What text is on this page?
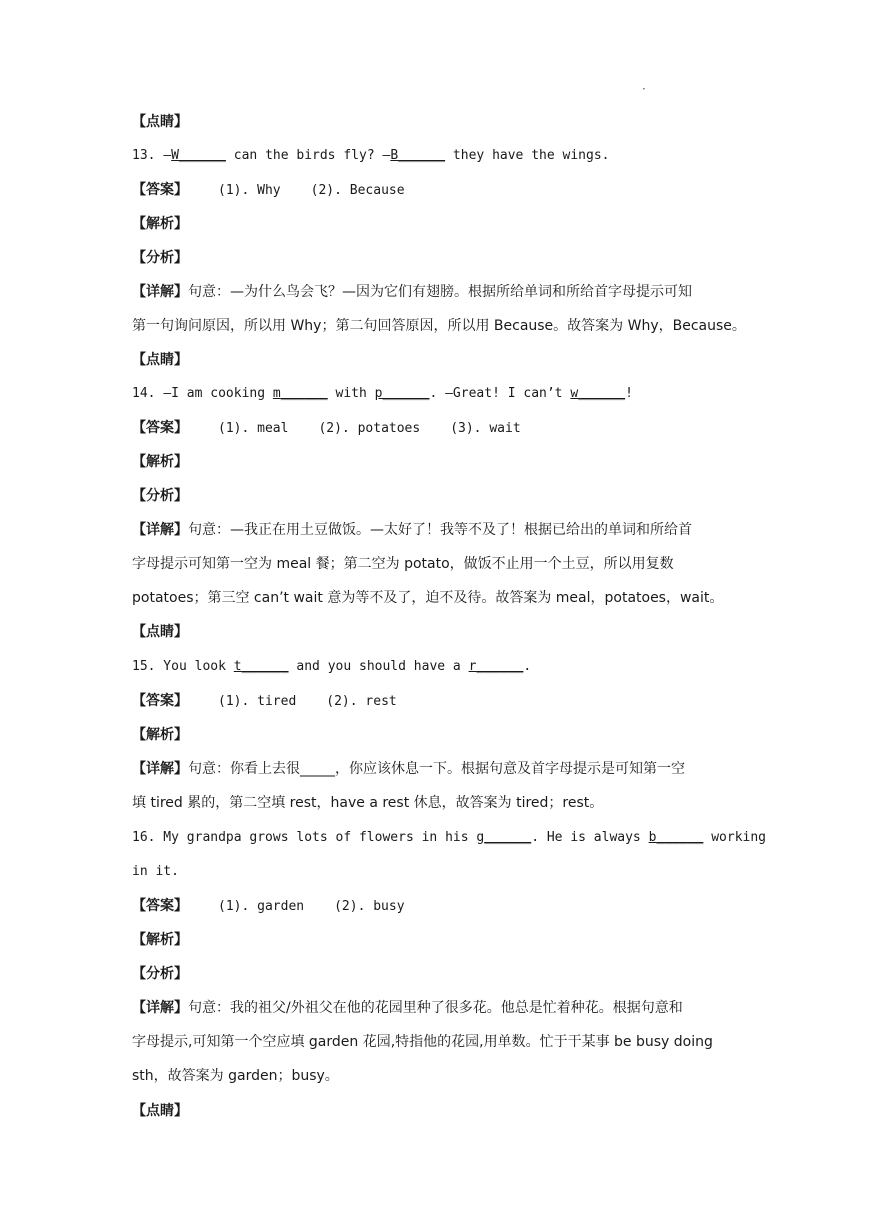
·
【点睛】
13. —W______ can the birds fly? —B______ they have the wings.
【答案】 (1). Why (2). Because
【解析】
【分析】
【详解】句意：—为什么鸟会飞？—因为它们有翅膀。根据所给单词和所给首字母提示可知
第一句询问原因，所以用 Why；第二句回答原因，所以用 Because。故答案为 Why，Because。
【点睛】
14. —I am cooking m______ with p______. —Great! I can’t w______!
【答案】 (1). meal (2). potatoes (3). wait
【解析】
【分析】
【详解】句意：—我正在用土豆做饭。—太好了！我等不及了！根据已给出的单词和所给首
字母提示可知第一空为 meal 餐；第二空为 potato，做饭不止用一个土豆，所以用复数
potatoes；第三空 can’t wait 意为等不及了，迫不及待。故答案为 meal，potatoes，wait。
【点睛】
15. You look t______ and you should have a r______.
【答案】 (1). tired (2). rest
【解析】
【详解】句意：你看上去很_____，你应该休息一下。根据句意及首字母提示是可知第一空
填 tired 累的，第二空填 rest，have a rest 休息，故答案为 tired；rest。
16. My grandpa grows lots of flowers in his g______. He is always b______ working
in it.
【答案】 (1). garden (2). busy
【解析】
【分析】
【详解】句意：我的祖父/外祖父在他的花园里种了很多花。他总是忙着种花。根据句意和
字母提示,可知第一个空应填 garden 花园,特指他的花园,用单数。忙于干某事 be busy doing
sth，故答案为 garden；busy。
【点睛】
